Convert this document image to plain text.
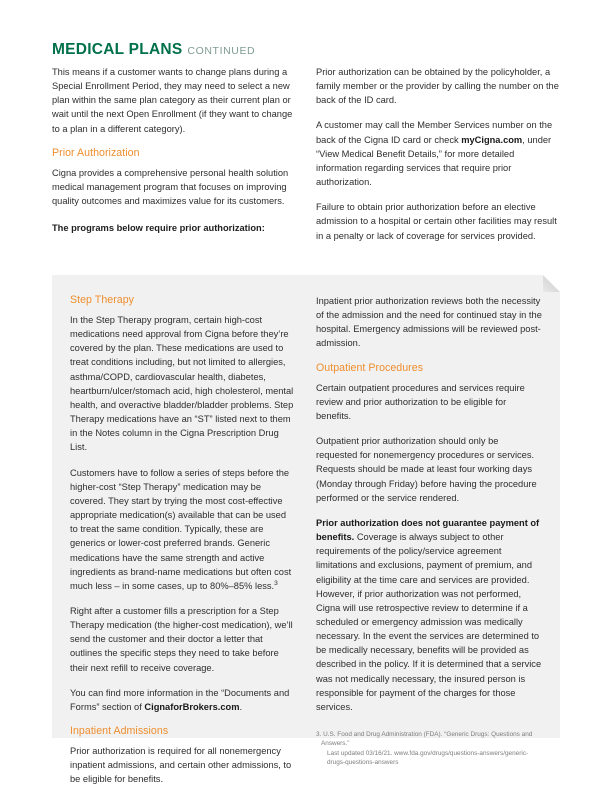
MEDICAL PLANS CONTINUED

This means if a customer wants to change plans during a Special Enrollment Period, they may need to select a new plan within the same plan category as their current plan or wait until the next Open Enrollment (if they want to change to a plan in a different category).

Prior Authorization

Cigna provides a comprehensive personal health solution medical management program that focuses on improving quality outcomes and maximizes value for its customers.

The programs below require prior authorization:

Prior authorization can be obtained by the policyholder, a family member or the provider by calling the number on the back of the ID card.

A customer may call the Member Services number on the back of the Cigna ID card or check myCigna.com, under “View Medical Benefit Details,” for more detailed information regarding services that require prior authorization.

Failure to obtain prior authorization before an elective admission to a hospital or certain other facilities may result in a penalty or lack of coverage for services provided.

Step Therapy

In the Step Therapy program, certain high-cost medications need approval from Cigna before they’re covered by the plan. These medications are used to treat conditions including, but not limited to allergies, asthma/COPD, cardiovascular health, diabetes, heartburn/ulcer/stomach acid, high cholesterol, mental health, and overactive bladder/bladder problems. Step Therapy medications have an “ST” listed next to them in the Notes column in the Cigna Prescription Drug List.

Customers have to follow a series of steps before the higher-cost “Step Therapy” medication may be covered. They start by trying the most cost-effective appropriate medication(s) available that can be used to treat the same condition. Typically, these are generics or lower-cost preferred brands. Generic medications have the same strength and active ingredients as brand-name medications but often cost much less – in some cases, up to 80%–85% less.$^3$

Right after a customer fills a prescription for a Step Therapy medication (the higher-cost medication), we’ll send the customer and their doctor a letter that outlines the specific steps they need to take before their next refill to receive coverage.

You can find more information in the “Documents and Forms” section of CignaforBrokers.com.

Inpatient Admissions

Prior authorization is required for all nonemergency inpatient admissions, and certain other admissions, to be eligible for benefits.

Inpatient prior authorization reviews both the necessity of the admission and the need for continued stay in the hospital. Emergency admissions will be reviewed post-admission.

Outpatient Procedures

Certain outpatient procedures and services require review and prior authorization to be eligible for benefits.

Outpatient prior authorization should only be requested for nonemergency procedures or services. Requests should be made at least four working days (Monday through Friday) before having the procedure performed or the service rendered.

Prior authorization does not guarantee payment of benefits. Coverage is always subject to other requirements of the policy/service agreement limitations and exclusions, payment of premium, and eligibility at the time care and services are provided. However, if prior authorization was not performed, Cigna will use retrospective review to determine if a scheduled or emergency admission was medically necessary. In the event the services are determined to be medically necessary, benefits will be provided as described in the policy. If it is determined that a service was not medically necessary, the insured person is responsible for payment of the charges for those services.

3. U.S. Food and Drug Administration (FDA). “Generic Drugs: Questions and Answers.”
Last updated 03/16/21. www.fda.gov/drugs/questions-answers/generic-drugs-questions-answers
